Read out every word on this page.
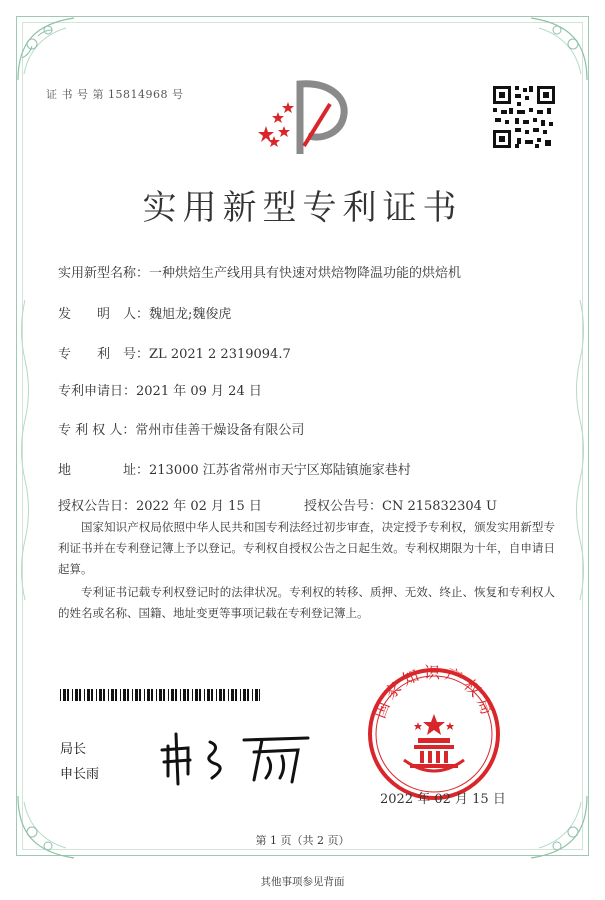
证 书 号 第 15814968 号
实用新型专利证书
实用新型名称：一种烘焙生产线用具有快速对烘焙物降温功能的烘焙机
发　　明　人：魏旭龙;魏俊虎
专　　利　号：ZL 2021 2 2319094.7
专利申请日：2021 年 09 月 24 日
专 利 权 人：常州市佳善干燥设备有限公司
地　　　　址：213000 江苏省常州市天宁区郑陆镇施家巷村
授权公告日：2022 年 02 月 15 日	授权公告号：CN 215832304 U
国家知识产权局依照中华人民共和国专利法经过初步审查，决定授予专利权，颁发实用新型专利证书并在专利登记簿上予以登记。专利权自授权公告之日起生效。专利权期限为十年，自申请日起算。
专利证书记载专利权登记时的法律状况。专利权的转移、质押、无效、终止、恢复和专利权人的姓名或名称、国籍、地址变更等事项记载在专利登记簿上。
局长
申长雨
国家知识产权局
2022 年 02 月 15 日
第 1 页（共 2 页）
其他事项参见背面
